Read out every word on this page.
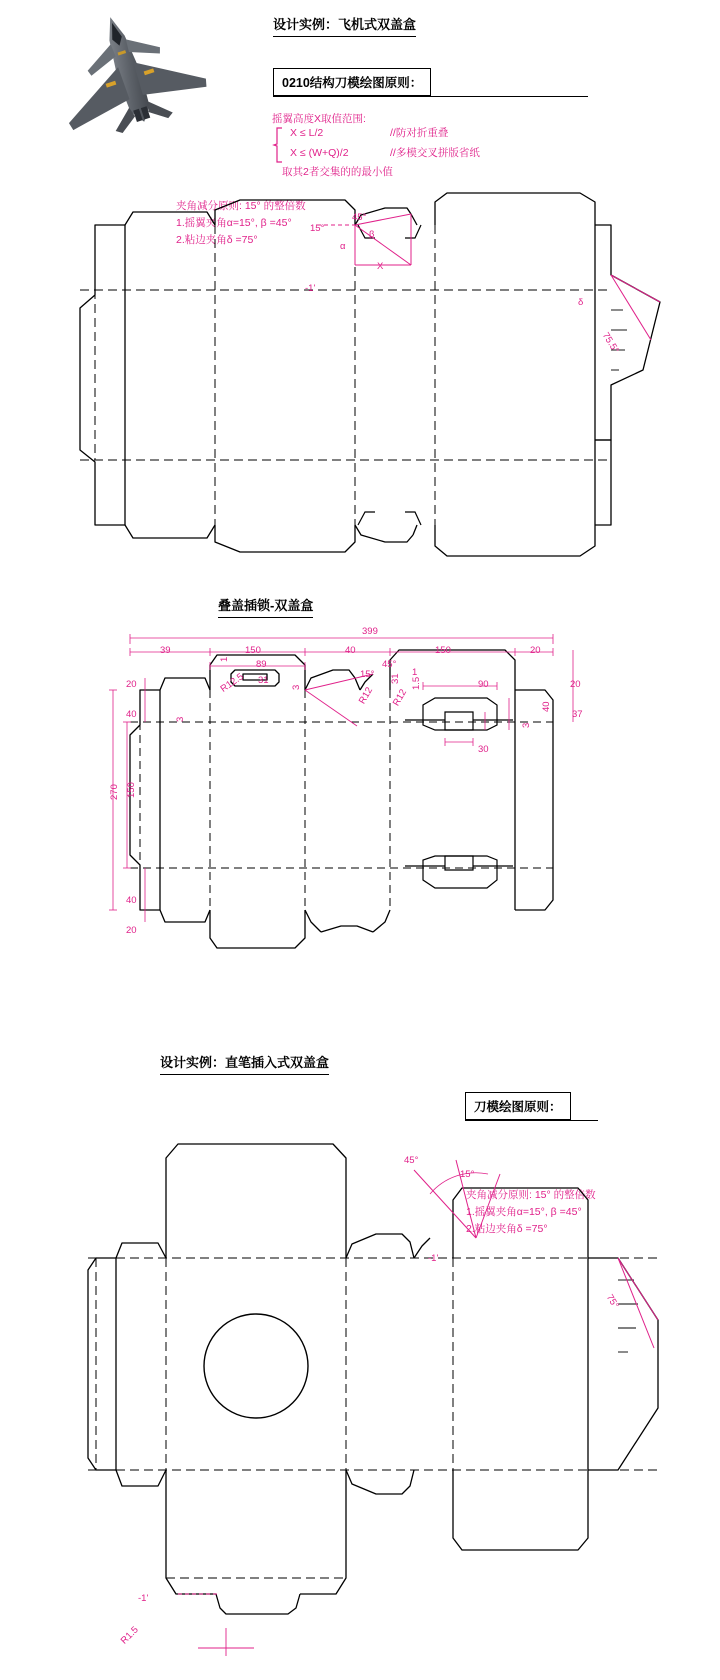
设计实例：飞机式双盖盒
0210结构刀模绘图原则：
摇翼高度X取值范围:
X ≤ L/2	//防对折重叠
X ≤ (W+Q)/2	//多模交叉拼版省纸
取其2者交集的的最小值
夹角减分原则: 15° 的整倍数
1.摇翼夹角α=15°, β =45°
2.粘边夹角δ =75°
15°
45°
α
β
X
-1'
δ
75.5°
叠盖插锁-双盖盒
399
39	150	40	150	20
89
31
3
R12.5
20
40	3
270 150
40
20
20
37
90
40
3
30
1
15°
45°
31 1.5
R12 R12
1
设计实例：直笔插入式双盖盒
刀模绘图原则：
夹角减分原则: 15° 的整倍数
1.摇翼夹角α=15°, β =45°
2.粘边夹角δ =75°
45°
15°
-1'
75°
R1.5
-1'
